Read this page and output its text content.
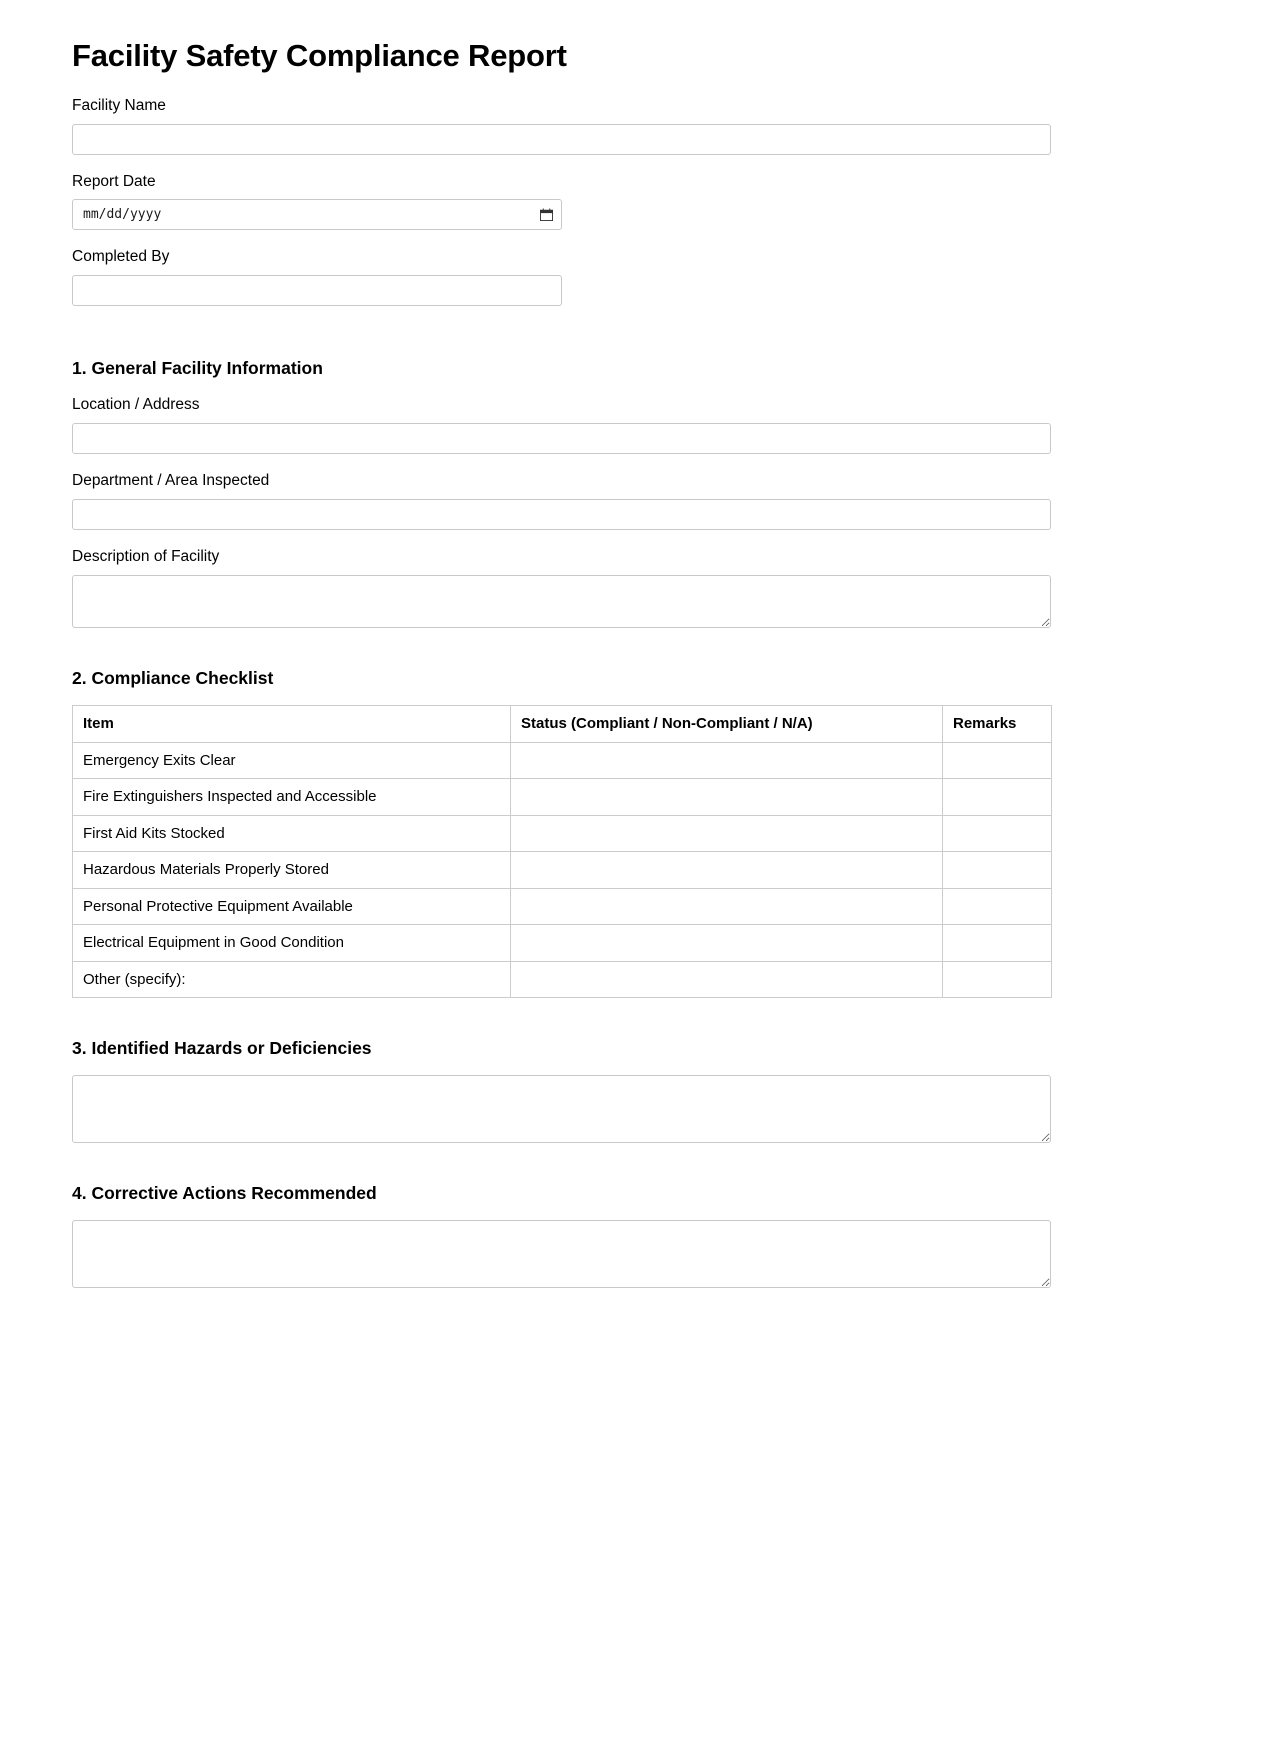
Facility Safety Compliance Report
Facility Name
Report Date
mm/dd/yyyy
Completed By
1. General Facility Information
Location / Address
Department / Area Inspected
Description of Facility
2. Compliance Checklist
Item	Status (Compliant / Non-Compliant / N/A)	Remarks
Emergency Exits Clear		
Fire Extinguishers Inspected and Accessible		
First Aid Kits Stocked		
Hazardous Materials Properly Stored		
Personal Protective Equipment Available		
Electrical Equipment in Good Condition		
Other (specify):		
3. Identified Hazards or Deficiencies
4. Corrective Actions Recommended
